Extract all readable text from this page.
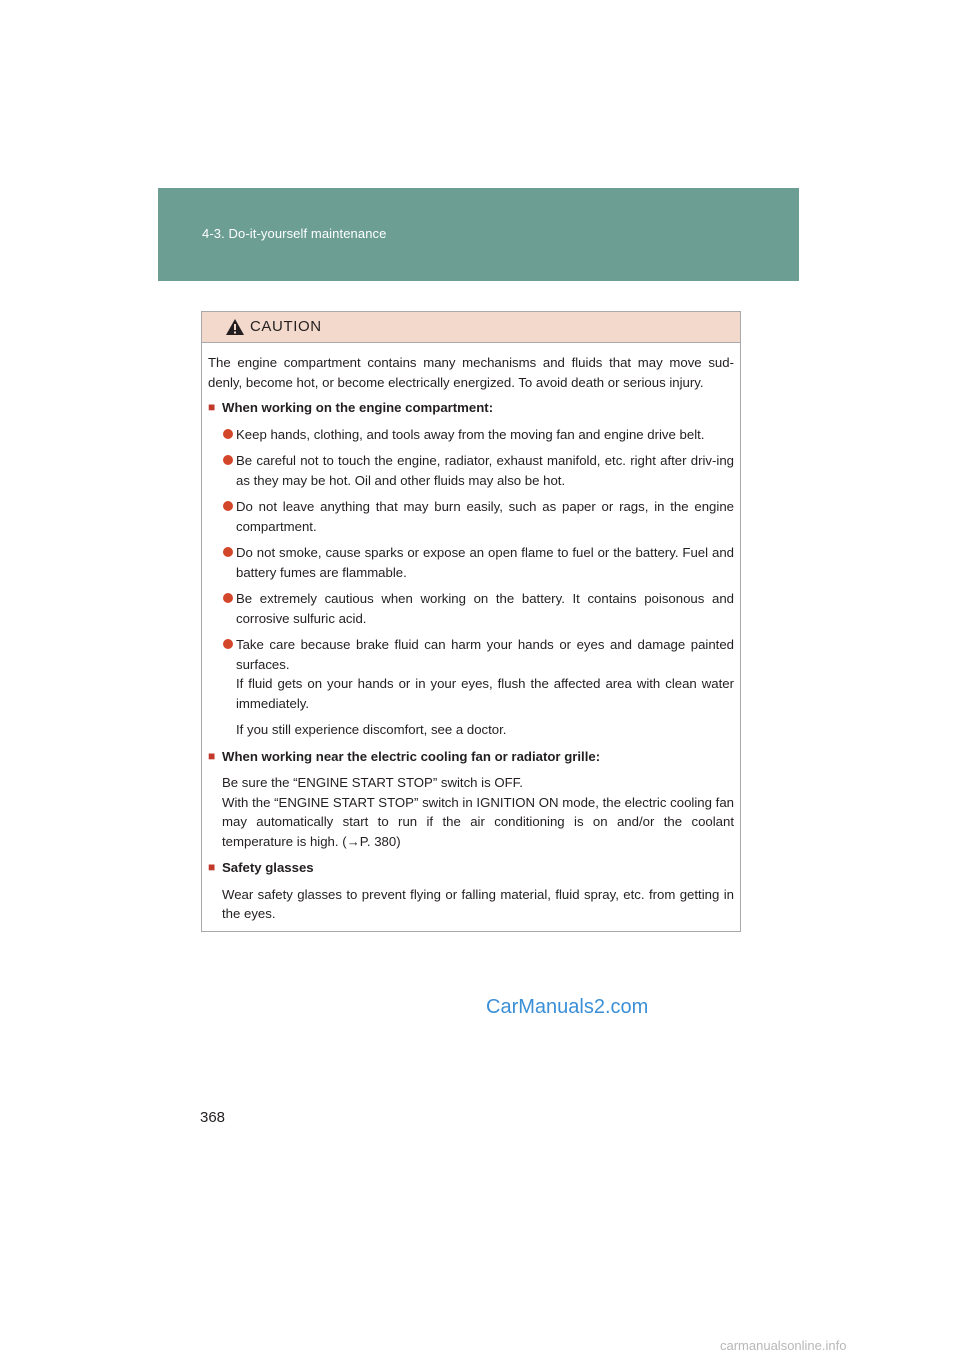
4-3. Do-it-yourself maintenance
CAUTION

The engine compartment contains many mechanisms and fluids that may move sud-denly, become hot, or become electrically energized. To avoid death or serious injury.

■ When working on the engine compartment:
Keep hands, clothing, and tools away from the moving fan and engine drive belt.
Be careful not to touch the engine, radiator, exhaust manifold, etc. right after driv-ing as they may be hot. Oil and other fluids may also be hot.
Do not leave anything that may burn easily, such as paper or rags, in the engine compartment.
Do not smoke, cause sparks or expose an open flame to fuel or the battery. Fuel and battery fumes are flammable.
Be extremely cautious when working on the battery. It contains poisonous and corrosive sulfuric acid.

Take care because brake fluid can harm your hands or eyes and damage painted surfaces.

If fluid gets on your hands or in your eyes, flush the affected area with clean water immediately.

If you still experience discomfort, see a doctor.

■ When working near the electric cooling fan or radiator grille:
Be sure the “ENGINE START STOP” switch is OFF.
With the “ENGINE START STOP” switch in IGNITION ON mode, the electric cooling fan may automatically start to run if the air conditioning is on and/or the coolant temperature is high. (→P. 380)
■ Safety glasses

Wear safety glasses to prevent flying or falling material, fluid spray, etc. from getting in the eyes.

CarManuals2.com
368
carmanualsonline.info
